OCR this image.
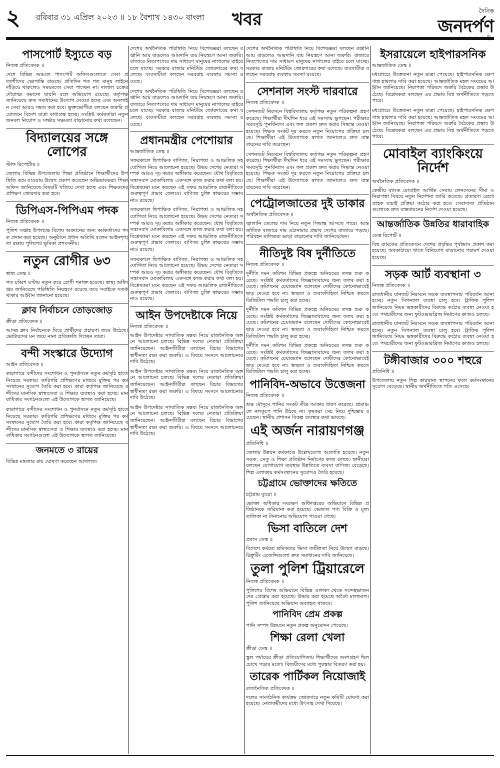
২	রবিবার ৩১ এপ্রিল ২০২৩ ॥ ১৮ বৈশাখ ১৪৩০ বাংলা খবর	দৈনিক
জনদর্পণ
পাসপোর্ট ইস্যুতে বড়
নিজস্ব প্রতিবেদক ॥
দেশে বিভিন্ন অঞ্চলে পাসপোর্ট অফিসগুলোতে সেবা প্রত্যাশীদের ভোগান্তি বাড়ছে। প্রতিদিন শত শত মানুষ লাইনে দাঁড়িয়ে থাকলেও সময়মতো সেবা পাচ্ছেন না। দালাল চক্রের দৌরাত্ম্য কমানো যায়নি বলে অভিযোগ রয়েছে। কর্তৃপক্ষ জানিয়েছে দ্রুত সমাধানের উদ্যোগ নেওয়া হচ্ছে এবং অনলাইন সেবা আরও সহজ করা হবে। ভুক্তভোগীরা বলছেন জরুরি প্রয়োজনে বিদেশ যাত্রা বাধাগ্রস্ত হচ্ছে। সংশ্লিষ্ট কর্মকর্তারা নতুন জনবল নিয়োগ ও সার্ভার সক্ষমতা বাড়ানোর কথা বলেছেন।
বিদ্যালয়ের সঙ্গে লোপের
স্টাফ রিপোর্টার ॥
জেলার বিভিন্ন উপজেলায় শিক্ষা প্রতিষ্ঠানে শিক্ষার্থীদের উপস্থিতি কমে যাওয়ায় উদ্বেগ প্রকাশ করেছেন অভিভাবকরা। শিক্ষা অফিস জানিয়েছে বিষয়টি খতিয়ে দেখা হচ্ছে এবং শিক্ষকদের প্রশিক্ষণ জোরদার করা হবে।
ডিপিএস-পিপিএম পদক
নিজস্ব প্রতিবেদক ॥
পুলিশ সপ্তাহ উপলক্ষে বিশেষ অবদানের জন্য কর্মকর্তাদের পদক প্রদান করা হয়েছে। অনুষ্ঠানে প্রধান অতিথি বলেন আইনশৃঙ্খলা রক্ষায় পুলিশের ভূমিকা প্রশংসনীয়।
নতুন রোগীর ৬৩
স্বাস্থ্য ডেস্ক ॥
গত চব্বিশ ঘণ্টায় নতুন করে রোগী শনাক্ত হয়েছে। স্বাস্থ্য অধিদপ্তর জানিয়েছে পরিস্থিতি নিয়ন্ত্রণে রয়েছে তবে সবাইকে সতর্ক থাকার আহ্বান জানানো হয়েছে।
ক্লাব নির্বাচনে তোড়জোড়
ক্রীড়া প্রতিবেদক ॥
আসন্ন ক্লাব নির্বাচনকে ঘিরে প্রার্থীদের প্রচারণা জমে উঠেছে। ভোটারদের মন জয়ে নানা প্রতিশ্রুতি দিচ্ছেন তারা।
বন্দী সংস্কারে উদ্যোগ
আইন প্রতিবেদক ॥
কারাগারে বন্দীদের সংশোধন ও পুনর্বাসনে নতুন কর্মসূচি হাতে নিয়েছে সরকার। কারিগরি প্রশিক্ষণের মাধ্যমে মুক্তির পর কর্মসংস্থানের সুযোগ তৈরি করা হবে। কারা কর্তৃপক্ষ জানিয়েছে বন্দীদের মানসিক স্বাস্থ্যসেবা ও শিক্ষার ব্যবস্থাও করা হচ্ছে। মানবাধিকার সংগঠনগুলো এই উদ্যোগকে স্বাগত জানিয়েছে।
কারাগারে বন্দীদের সংশোধন ও পুনর্বাসনে নতুন কর্মসূচি হাতে নিয়েছে সরকার। কারিগরি প্রশিক্ষণের মাধ্যমে মুক্তির পর কর্মসংস্থানের সুযোগ তৈরি করা হবে। কারা কর্তৃপক্ষ জানিয়েছে বন্দীদের মানসিক স্বাস্থ্যসেবা ও শিক্ষার ব্যবস্থাও করা হচ্ছে। মানবাধিকার সংগঠনগুলো এই উদ্যোগকে স্বাগত জানিয়েছে।
জনমতে ৩ রায়ের
বিভিন্ন মামলার রায় ঘোষণা করেছেন আদালত।
দেশের অর্থনৈতিক পরিস্থিতি নিয়ে বিশেষজ্ঞরা বলছেন রপ্তানি আয় বাড়লেও আমদানি ব্যয় নিয়ন্ত্রণে আনা জরুরি। বাজারে নিত্যপণ্যের দাম সাধারণ মানুষের নাগালের বাইরে চলে যাচ্ছে। সরকার বাজার মনিটরিং জোরদারের কথা বলেছে। ব্যবসায়ীরা বলছেন সরবরাহ ব্যবস্থায় সমস্যা রয়েছে।
দেশের অর্থনৈতিক পরিস্থিতি নিয়ে বিশেষজ্ঞরা বলছেন রপ্তানি আয় বাড়লেও আমদানি ব্যয় নিয়ন্ত্রণে আনা জরুরি। বাজারে নিত্যপণ্যের দাম সাধারণ মানুষের নাগালের বাইরে চলে যাচ্ছে। সরকার বাজার মনিটরিং জোরদারের কথা বলেছে। ব্যবসায়ীরা বলছেন সরবরাহ ব্যবস্থায় সমস্যা রয়েছে।
প্রধানমন্ত্রীর পেশোয়ার
আন্তর্জাতিক ডেস্ক ॥
সফরকালে দ্বিপাক্ষিক বাণিজ্য, নিরাপত্তা ও আঞ্চলিক সহযোগিতা নিয়ে আলোচনা হয়েছে। উভয় দেশের নেতারা সম্পর্ক আরও দৃঢ় করার অঙ্গীকার করেছেন। যৌথ বিবৃতিতে সন্ত্রাসবাদ মোকাবিলায় একসঙ্গে কাজ করার কথা বলা হয়। বিশ্লেষকরা মনে করছেন এই সফর আঞ্চলিক রাজনীতিতে গুরুত্বপূর্ণ প্রভাব ফেলবে। বাণিজ্য চুক্তি স্বাক্ষরের সম্ভাবনাও রয়েছে।
সফরকালে দ্বিপাক্ষিক বাণিজ্য, নিরাপত্তা ও আঞ্চলিক সহযোগিতা নিয়ে আলোচনা হয়েছে। উভয় দেশের নেতারা সম্পর্ক আরও দৃঢ় করার অঙ্গীকার করেছেন। যৌথ বিবৃতিতে সন্ত্রাসবাদ মোকাবিলায় একসঙ্গে কাজ করার কথা বলা হয়। বিশ্লেষকরা মনে করছেন এই সফর আঞ্চলিক রাজনীতিতে গুরুত্বপূর্ণ প্রভাব ফেলবে। বাণিজ্য চুক্তি স্বাক্ষরের সম্ভাবনাও রয়েছে।
সফরকালে দ্বিপাক্ষিক বাণিজ্য, নিরাপত্তা ও আঞ্চলিক সহযোগিতা নিয়ে আলোচনা হয়েছে। উভয় দেশের নেতারা সম্পর্ক আরও দৃঢ় করার অঙ্গীকার করেছেন। যৌথ বিবৃতিতে সন্ত্রাসবাদ মোকাবিলায় একসঙ্গে কাজ করার কথা বলা হয়। বিশ্লেষকরা মনে করছেন এই সফর আঞ্চলিক রাজনীতিতে গুরুত্বপূর্ণ প্রভাব ফেলবে। বাণিজ্য চুক্তি স্বাক্ষরের সম্ভাবনাও রয়েছে।
আইন উপদেষ্টাকে নিয়ে
নিজস্ব প্রতিবেদক ॥
আইন উপদেষ্টার সাম্প্রতিক মন্তব্য নিয়ে রাজনৈতিক অঙ্গনে আলোচনা চলছে। বিভিন্ন দলের নেতারা প্রতিক্রিয়া জানিয়েছেন। আইনজীবীরা বলছেন বিচার বিভাগের স্বাধীনতা রক্ষা করা জরুরি। এ বিষয়ে সংসদে আলোচনার দাবি উঠেছে।
আইন উপদেষ্টার সাম্প্রতিক মন্তব্য নিয়ে রাজনৈতিক অঙ্গনে আলোচনা চলছে। বিভিন্ন দলের নেতারা প্রতিক্রিয়া জানিয়েছেন। আইনজীবীরা বলছেন বিচার বিভাগের স্বাধীনতা রক্ষা করা জরুরি। এ বিষয়ে সংসদে আলোচনার দাবি উঠেছে।
আইন উপদেষ্টার সাম্প্রতিক মন্তব্য নিয়ে রাজনৈতিক অঙ্গনে আলোচনা চলছে। বিভিন্ন দলের নেতারা প্রতিক্রিয়া জানিয়েছেন। আইনজীবীরা বলছেন বিচার বিভাগের স্বাধীনতা রক্ষা করা জরুরি। এ বিষয়ে সংসদে আলোচনার দাবি উঠেছে।
দেশের অর্থনৈতিক পরিস্থিতি নিয়ে বিশেষজ্ঞরা বলছেন রপ্তানি আয় বাড়লেও আমদানি ব্যয় নিয়ন্ত্রণে আনা জরুরি। বাজারে নিত্যপণ্যের দাম সাধারণ মানুষের নাগালের বাইরে চলে যাচ্ছে। সরকার বাজার মনিটরিং জোরদারের কথা বলেছে। ব্যবসায়ীরা বলছেন সরবরাহ ব্যবস্থায় সমস্যা রয়েছে।
সেশনাল সংস্ট দারবারে
নিজস্ব প্রতিবেদক ॥
সেশনজট নিরসনে বিশ্ববিদ্যালয় কর্তৃপক্ষ নতুন পরিকল্পনা গ্রহণ করেছে। শিক্ষার্থীরা দীর্ঘদিন ধরে এই সমস্যায় ভুগছেন। পরীক্ষার সময়সূচি পুনর্বিন্যাস এবং ফল প্রকাশ দ্রুত করার সিদ্ধান্ত নেওয়া হয়েছে। শিক্ষক সংকট দূর করতে নতুন নিয়োগের প্রক্রিয়া চলছে। শিক্ষার্থীরা এই উদ্যোগকে স্বাগত জানালেও দ্রুত বাস্তবায়নের দাবি করেছেন।
সেশনজট নিরসনে বিশ্ববিদ্যালয় কর্তৃপক্ষ নতুন পরিকল্পনা গ্রহণ করেছে। শিক্ষার্থীরা দীর্ঘদিন ধরে এই সমস্যায় ভুগছেন। পরীক্ষার সময়সূচি পুনর্বিন্যাস এবং ফল প্রকাশ দ্রুত করার সিদ্ধান্ত নেওয়া হয়েছে। শিক্ষক সংকট দূর করতে নতুন নিয়োগের প্রক্রিয়া চলছে। শিক্ষার্থীরা এই উদ্যোগকে স্বাগত জানালেও দ্রুত বাস্তবায়নের দাবি করেছেন।
পেট্রোলজাতের দুই ডাকার
অর্থনৈতিক প্রতিবেদক ॥
জ্বালানি তেলের দাম নিয়ে নতুন সিদ্ধান্ত আসতে পারে। আন্তর্জাতিক বাজারে দাম ওঠানামার প্রভাব দেশের বাজারে পড়ছে। পরিবহন মালিকরা ভাড়া বাড়ানোর দাবি জানিয়েছেন।
নীতিদুষ্ট বিষ দুর্নীতিতে
নিজস্ব প্রতিবেদক ॥
দুর্নীতি দমন কমিশন বিভিন্ন প্রকল্পে অনিয়মের তদন্ত শুরু করেছে। সংশ্লিষ্ট কর্মকর্তাদের জিজ্ঞাসাবাদের জন্য তলব করা হয়েছে। কমিশনের চেয়ারম্যান বলেছেন দোষীদের কোনোভাবেই ছাড় দেওয়া হবে না। স্বচ্ছতা ও জবাবদিহিতা নিশ্চিত করতে ডিজিটাল পদ্ধতি চালু করা হচ্ছে।
দুর্নীতি দমন কমিশন বিভিন্ন প্রকল্পে অনিয়মের তদন্ত শুরু করেছে। সংশ্লিষ্ট কর্মকর্তাদের জিজ্ঞাসাবাদের জন্য তলব করা হয়েছে। কমিশনের চেয়ারম্যান বলেছেন দোষীদের কোনোভাবেই ছাড় দেওয়া হবে না। স্বচ্ছতা ও জবাবদিহিতা নিশ্চিত করতে ডিজিটাল পদ্ধতি চালু করা হচ্ছে।
দুর্নীতি দমন কমিশন বিভিন্ন প্রকল্পে অনিয়মের তদন্ত শুরু করেছে। সংশ্লিষ্ট কর্মকর্তাদের জিজ্ঞাসাবাদের জন্য তলব করা হয়েছে। কমিশনের চেয়ারম্যান বলেছেন দোষীদের কোনোভাবেই ছাড় দেওয়া হবে না। স্বচ্ছতা ও জবাবদিহিতা নিশ্চিত করতে ডিজিটাল পদ্ধতি চালু করা হচ্ছে।
পানিবিদ-অভাবে উত্তেজনা
নিজস্ব প্রতিবেদক ॥
শুষ্ক মৌসুমে পানির সংকট তীব্র আকার ধারণ করেছে। গ্রামাঞ্চলে নলকূপে পানি উঠছে না। কৃষকরা সেচ নিয়ে দুশ্চিন্তায় রয়েছেন। স্থানীয় প্রশাসন বিকল্প ব্যবস্থার কথা ভাবছে।
এই অর্জন নারায়ণগঞ্জ
প্রতিনিধি ॥
জেলায় উন্নয়ন কর্মকাণ্ডে উল্লেখযোগ্য অগ্রগতি হয়েছে। নতুন সড়ক, সেতু ও শিক্ষা প্রতিষ্ঠান নির্মাণের কাজ চলছে। স্থানীয়রা বলছেন যোগাযোগ ব্যবস্থার উন্নতিতে ব্যবসা বাণিজ্য বেড়েছে। শিল্প এলাকায় কর্মসংস্থানের সুযোগও তৈরি হয়েছে।
চট্টগ্রামে ভোক্তাদের ক্ষতিতে
চট্টগ্রাম ব্যুরো ॥
ভোক্তা অধিকার সংরক্ষণ অধিদপ্তরের অভিযানে বিভিন্ন প্রতিষ্ঠানকে জরিমানা করা হয়েছে। ভেজাল পণ্য বিক্রি ও মূল্য তালিকা না টানানোর অভিযোগ পাওয়া গেছে।
ভিসা বাতিলে দেশ
প্রবাস ডেস্ক ॥
বিদেশে কর্মরত শ্রমিকদের ভিসা জটিলতা নিয়ে উদ্বেগ বাড়ছে। রিক্রুটিং এজেন্সিগুলো দ্রুত সমাধানের দাবি জানিয়েছে।
তুলা পুলিশ ট্রিয়ারেলে
নিজস্ব প্রতিবেদক ॥
পুলিশের বিশেষ অভিযানে বিভিন্ন এলাকা থেকে সন্দেহভাজনদের গ্রেপ্তার করা হয়েছে। উদ্ধার করা হয়েছে অবৈধ মালামাল। পুলিশ জানিয়েছে অভিযান অব্যাহত থাকবে।
পানিবিদ প্রেম প্রকল্প
পানি সম্পদ উন্নয়নে নতুন প্রকল্প অনুমোদন পেয়েছে।
শিক্ষা রেলা খেলা
ক্রীড়া ডেস্ক ॥
স্কুল পর্যায়ের ক্রীড়া প্রতিযোগিতায় শিক্ষার্থীদের অংশগ্রহণ ছিল চোখে পড়ার মতো। বিজয়ীদের মধ্যে পুরস্কার বিতরণ করা হয়।
তারেক পার্টিকল নিয়োজাই
রাজনৈতিক প্রতিবেদক ॥
দলের সাংগঠনিক কার্যক্রম জোরদারে নতুন কমিটি ঘোষণা করা হয়েছে। নেতাকর্মীদের মধ্যে উৎসাহ দেখা দিয়েছে।
ইসরায়েলে হাইপারসনিক
আন্তর্জাতিক ডেস্ক ॥
মধ্যপ্রাচ্যে উত্তেজনা নতুন মাত্রা পেয়েছে। হাইপারসনিক ক্ষেপণাস্ত্র হামলার দাবি করা হয়েছে। আন্তর্জাতিক মহল সংযমের আহ্বান জানিয়েছে। নিরাপত্তা পরিষদে জরুরি বৈঠকের প্রস্তাব উঠেছে। বিশ্লেষকরা বলছেন এর প্রভাব বিশ্ব অর্থনীতিতে পড়তে পারে।
মধ্যপ্রাচ্যে উত্তেজনা নতুন মাত্রা পেয়েছে। হাইপারসনিক ক্ষেপণাস্ত্র হামলার দাবি করা হয়েছে। আন্তর্জাতিক মহল সংযমের আহ্বান জানিয়েছে। নিরাপত্তা পরিষদে জরুরি বৈঠকের প্রস্তাব উঠেছে। বিশ্লেষকরা বলছেন এর প্রভাব বিশ্ব অর্থনীতিতে পড়তে পারে।
মোবাইল ব্যাংকিংয়ে নির্দেশ
অর্থনৈতিক প্রতিবেদক ॥
কেন্দ্রীয় ব্যাংক মোবাইল আর্থিক সেবায় লেনদেনের সীমা ও নিরাপত্তা বিষয়ে নতুন নির্দেশনা জারি করেছে। প্রতারণা রোধে গ্রাহক যাচাই প্রক্রিয়া কঠোর করা হবে। সেবাদাতা প্রতিষ্ঠানগুলোকে দ্রুত বাস্তবায়নের নির্দেশ দেওয়া হয়েছে।
আন্তর্জাতিক উন্নতির ধারাবাহিক
ডেস্ক রিপোর্ট ॥
বিশ্ব ব্যাংকের প্রতিবেদনে দেশের প্রবৃদ্ধির পূর্বাভাস প্রকাশ করা হয়েছে। অবকাঠামো খাতে বিনিয়োগ বাড়ানোর পরামর্শ দেওয়া হয়েছে।
সড়ক আর্ট ব্যবস্থানা ৩
নিজস্ব প্রতিবেদক ॥
রাজধানীর যানজট নিরসনে সড়ক ব্যবস্থাপনায় পরিবর্তন আনা হচ্ছে। নতুন সিগন্যাল ব্যবস্থা চালু হবে। ট্রাফিক পুলিশ জানিয়েছে নিয়ম ভঙ্গকারীদের বিরুদ্ধে কঠোর ব্যবস্থা নেওয়া হবে। পথচারীদের জন্য ফুটওভারব্রিজ নির্মাণের কাজও চলছে।
রাজধানীর যানজট নিরসনে সড়ক ব্যবস্থাপনায় পরিবর্তন আনা হচ্ছে। নতুন সিগন্যাল ব্যবস্থা চালু হবে। ট্রাফিক পুলিশ জানিয়েছে নিয়ম ভঙ্গকারীদের বিরুদ্ধে কঠোর ব্যবস্থা নেওয়া হবে। পথচারীদের জন্য ফুটওভারব্রিজ নির্মাণের কাজও চলছে।
টঙ্গীবাজার ৩০০ শহুরে
প্রতিনিধি ॥
উপজেলায় নতুন শিল্প কারখানা স্থাপনের ফলে কর্মসংস্থানের সুযোগ বেড়েছে। স্থানীয় অর্থনীতিতে গতি এসেছে।
